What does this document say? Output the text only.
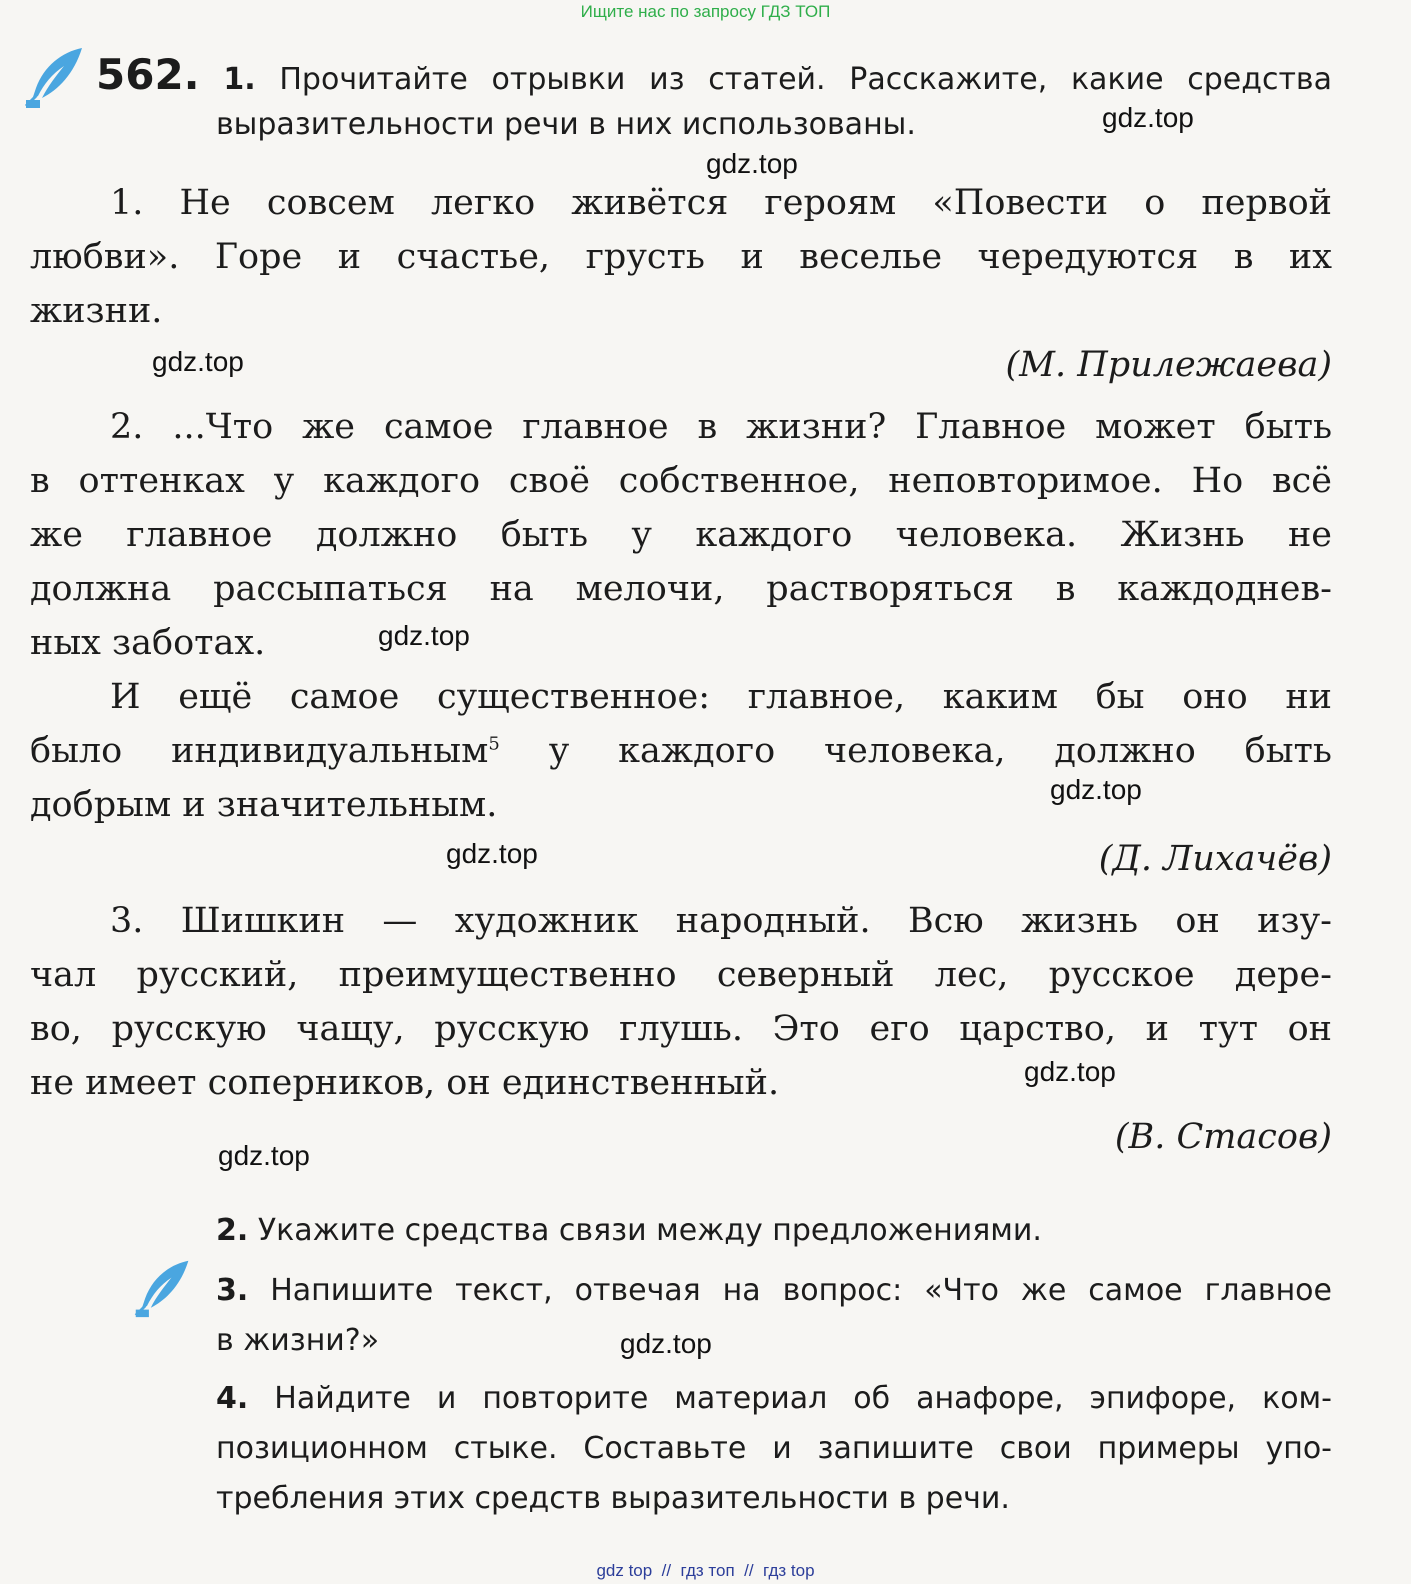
Ищите нас по запросу ГДЗ ТОП
562. 1. Прочитайте отрывки из статей. Расскажите, какие средства
выразительности речи в них использованы.
1. Не совсем легко живётся героям «Повести о первой
любви». Горе и счастье, грусть и веселье чередуются в их
жизни.
(М. Прилежаева)
2. ...Что же самое главное в жизни? Главное может быть
в оттенках у каждого своё собственное, неповторимое. Но всё
же главное должно быть у каждого человека. Жизнь не
должна рассыпаться на мелочи, растворяться в каждоднев-
ных заботах.
И ещё самое существенное: главное, каким бы оно ни
было индивидуальным$^5$ у каждого человека, должно быть
добрым и значительным.
(Д. Лихачёв)
3. Шишкин — художник народный. Всю жизнь он изу-
чал русский, преимущественно северный лес, русское дере-
во, русскую чащу, русскую глушь. Это его царство, и тут он
не имеет соперников, он единственный.
(В. Стасов)
2. Укажите средства связи между предложениями.
3. Напишите текст, отвечая на вопрос: «Что же самое главное
в жизни?»
4. Найдите и повторите материал об анафоре, эпифоре, ком-
позиционном стыке. Составьте и запишите свои примеры упо-
требления этих средств выразительности в речи.
gdz.top
gdz.top
gdz.top
gdz.top
gdz.top
gdz.top
gdz.top
gdz.top
gdz.top
gdz top  //  гдз топ  //  гдз top
